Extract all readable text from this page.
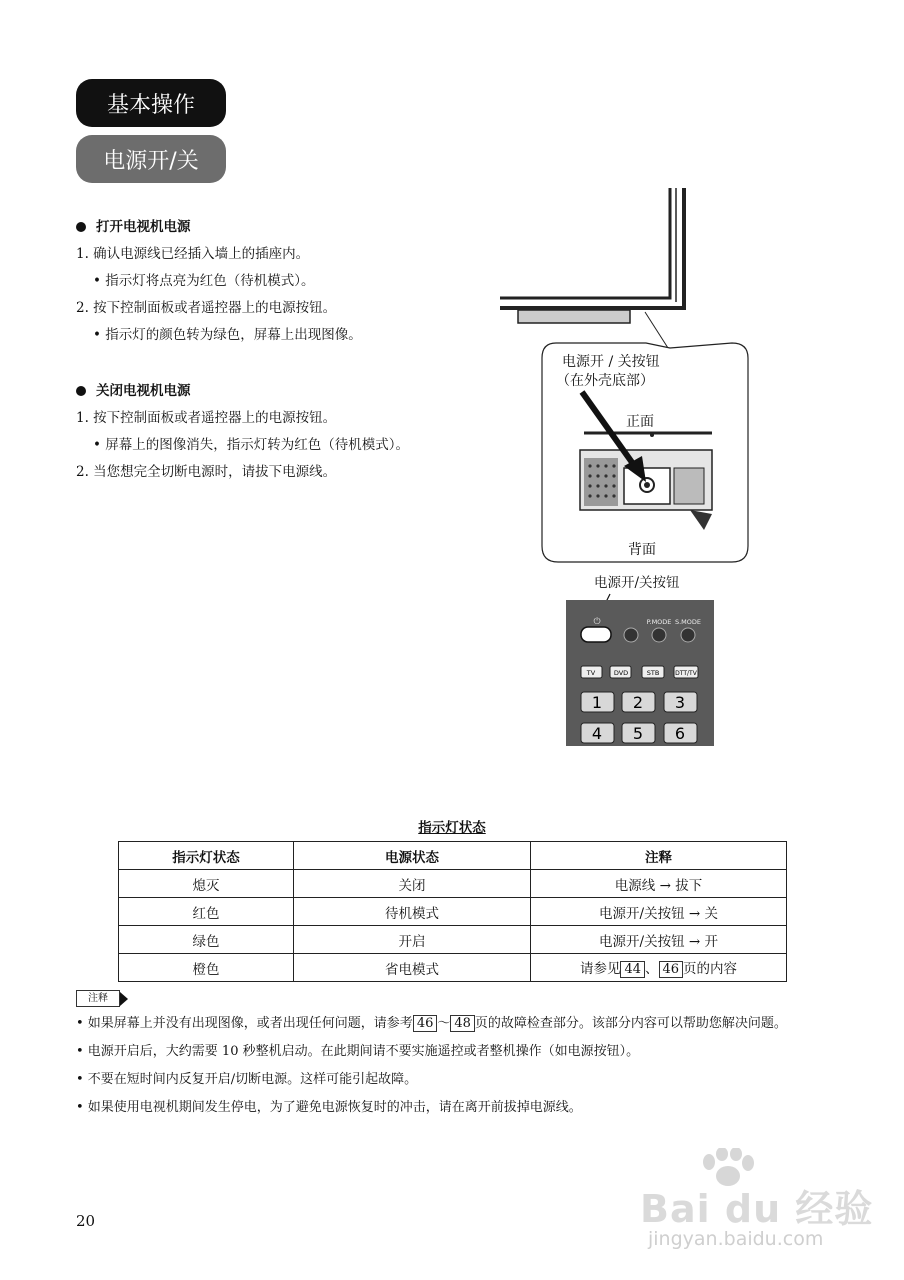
基本操作
电源开/关
打开电视机电源
1. 确认电源线已经插入墙上的插座内。
• 指示灯将点亮为红色（待机模式）。
2. 按下控制面板或者遥控器上的电源按钮。
• 指示灯的颜色转为绿色，屏幕上出现图像。
关闭电视机电源
1. 按下控制面板或者遥控器上的电源按钮。
• 屏幕上的图像消失，指示灯转为红色（待机模式）。
2. 当您想完全切断电源时，请拔下电源线。
电源开 / 关按钮
（在外壳底部）
正面
背面
电源开/关按钮
⏻	P.MODE S.MODE
TV	DVD	STB	DTT/TV
1 2 3
4 5 6
指示灯状态
指示灯状态	电源状态	注释
熄灭	关闭	电源线 → 拔下
红色	待机模式	电源开/关按钮 → 关
绿色	开启	电源开/关按钮 → 开
橙色	省电模式	请参见 44 、 46 页的内容
注释
• 如果屏幕上并没有出现图像，或者出现任何问题，请参考 46 ～ 48 页的故障检查部分。该部分内容可以帮助您解决问题。
• 电源开启后，大约需要 10 秒整机启动。在此期间请不要实施遥控或者整机操作（如电源按钮）。
• 不要在短时间内反复开启/切断电源。这样可能引起故障。
• 如果使用电视机期间发生停电，为了避免电源恢复时的冲击，请在离开前拔掉电源线。
20	Bai du 经验
jingyan.baidu.com
